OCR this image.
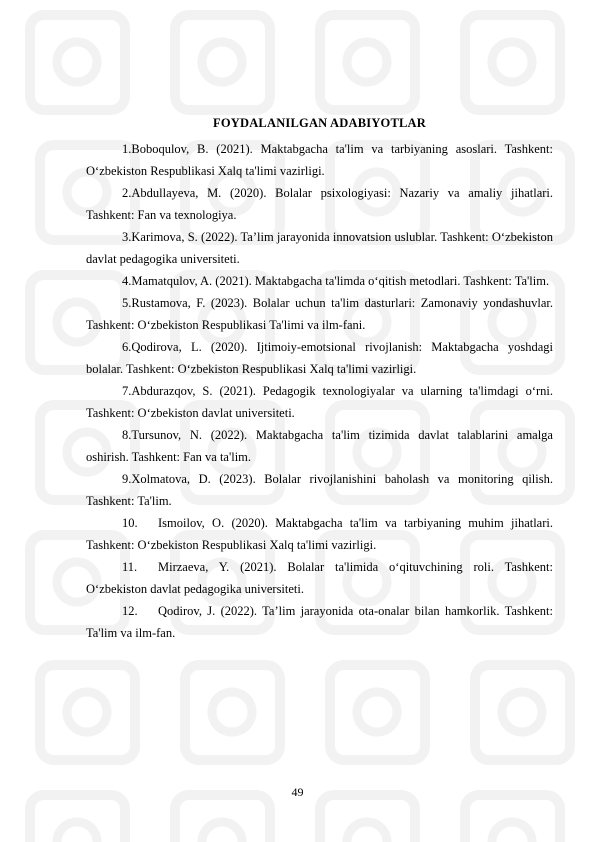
FOYDALANILGAN ADABIYOTLAR
1.Boboqulov, B. (2021). Maktabgacha ta'lim va tarbiyaning asoslari. Tashkent: O‘zbekiston Respublikasi Xalq ta'limi vazirligi.
2.Abdullayeva, M. (2020). Bolalar psixologiyasi: Nazariy va amaliy jihatlari. Tashkent: Fan va texnologiya.
3.Karimova, S. (2022). Ta’lim jarayonida innovatsion uslublar. Tashkent: O‘zbekiston davlat pedagogika universiteti.
4.Mamatqulov, A. (2021). Maktabgacha ta'limda o‘qitish metodlari. Tashkent: Ta'lim.
5.Rustamova, F. (2023). Bolalar uchun ta'lim dasturlari: Zamonaviy yondashuvlar. Tashkent: O‘zbekiston Respublikasi Ta'limi va ilm-fani.
6.Qodirova, L. (2020). Ijtimoiy-emotsional rivojlanish: Maktabgacha yoshdagi bolalar. Tashkent: O‘zbekiston Respublikasi Xalq ta'limi vazirligi.
7.Abdurazqov, S. (2021). Pedagogik texnologiyalar va ularning ta'limdagi o‘rni. Tashkent: O‘zbekiston davlat universiteti.
8.Tursunov, N. (2022). Maktabgacha ta'lim tizimida davlat talablarini amalga oshirish. Tashkent: Fan va ta'lim.
9.Xolmatova, D. (2023). Bolalar rivojlanishini baholash va monitoring qilish. Tashkent: Ta'lim.
10. Ismoilov, O. (2020). Maktabgacha ta'lim va tarbiyaning muhim jihatlari. Tashkent: O‘zbekiston Respublikasi Xalq ta'limi vazirligi.
11. Mirzaeva, Y. (2021). Bolalar ta'limida o‘qituvchining roli. Tashkent: O‘zbekiston davlat pedagogika universiteti.
12. Qodirov, J. (2022). Ta’lim jarayonida ota-onalar bilan hamkorlik. Tashkent: Ta'lim va ilm-fan.
49
